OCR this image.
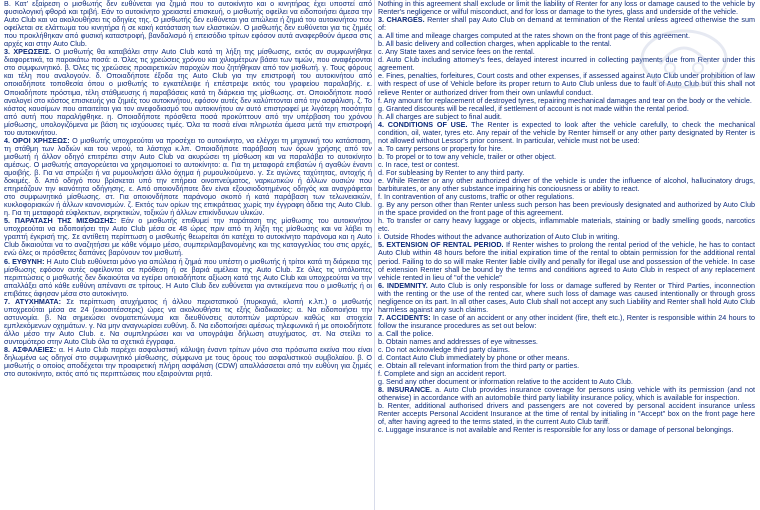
Β. Κατ' εξαίρεση ο μισθωτής δεν ευθύνεται για ζημιά που το αυτοκίνητο και ο κινητήρας έχει υποστεί από φυσιολογική φθορά και τριβή. Εάν το αυτοκίνητο χρειαστεί επισκευή, ο μισθωτής οφείλει να ειδοποιήσει άμεσα την Auto Club και να ακολουθήσει τις οδηγίες της. Ο μισθωτής δεν ευθύνεται για απώλεια ή ζημιά του αυτοκινήτου που οφείλεται σε ελάττωμα του κινητήρα ή σε κακή κατάσταση των ελαστικών. Ο μισθωτής δεν ευθύνεται για τις ζημιές που προκλήθηκαν από φυσική καταστροφή, βανδαλισμό ή επεισόδιο τρίτων εφόσον αυτά αναφερθούν άμεσα στις αρχές και στην Auto Club.

3. ΧΡΕΩΣΕΙΣ. Ο μισθωτής θα καταβάλει στην Auto Club κατά τη λήξη της μίσθωσης, εκτός αν συμφωνήθηκε διαφορετικά, τα παρακάτω ποσά: α. Όλες τις χρεώσεις χρόνου και χιλιομέτρων βάσει των τιμών, που αναφέρονται στο συμφωνητικό. β. Όλες τις χρεώσεις προαιρετικών παροχών που ζητήθηκαν από τον μισθωτή. γ. Τους φόρους και τέλη που αναλογούν. δ. Οποιαδήποτε έξοδα της Auto Club για την επιστροφή του αυτοκινήτου από οποιαδήποτε τοποθεσία όπου ο μισθωτής το εγκατέλειψε ή επέστρεψε εκτός του γραφείου παραλαβής. ε. Οποιαδήποτε πρόστιμα, τέλη στάθμευσης ή παραβάσεις κατά τη διάρκεια της μίσθωσης. στ. Οποιοδήποτε ποσό αναλογεί στο κόστος επισκευής για ζημιές του αυτοκινήτου, εφόσον αυτές δεν καλύπτονται από την ασφάλιση. ζ. Το κόστος καυσίμων που απαιτείται για τον ανεφοδιασμό του αυτοκινήτου αν αυτό επιστραφεί με λιγότερη ποσότητα από αυτή που παραλήφθηκε. η. Οποιαδήποτε πρόσθετα ποσά προκύπτουν από την υπέρβαση του χρόνου μίσθωσης, υπολογιζόμενα με βάση τις ισχύουσες τιμές. Όλα τα ποσά είναι πληρωτέα άμεσα μετά την επιστροφή του αυτοκινήτου.

4. ΟΡΟΙ ΧΡΗΣΕΩΣ: Ο μισθωτής υποχρεούται να προσέχει το αυτοκίνητο, να ελέγχει τη μηχανική του κατάσταση, τη στάθμη των λαδιών και του νερού, τα λάστιχα κ.λπ. Οποιαδήποτε παράβαση των όρων χρήσης από τον μισθωτή ή άλλον οδηγό επιτρέπει στην Auto Club να ακυρώσει τη μίσθωση και να παραλάβει το αυτοκίνητο αμέσως. Ο μισθωτής απαγορεύεται να χρησιμοποιεί το αυτοκίνητο: α. Για τη μεταφορά επιβατών ή αγαθών έναντι αμοιβής. β. Για να σπρώξει ή να ρυμουλκήσει άλλο όχημα ή ρυμουλκούμενο. γ. Σε αγώνες ταχύτητας, αντοχής ή δοκιμές. δ. Από οδηγό που βρίσκεται υπό την επήρεια οινοπνεύματος, ναρκωτικών ή άλλων ουσιών που επηρεάζουν την ικανότητα οδήγησης. ε. Από οποιονδήποτε δεν είναι εξουσιοδοτημένος οδηγός και αναγράφεται στο συμφωνητικό μίσθωσης. στ. Για οποιονδήποτε παράνομο σκοπό ή κατά παράβαση των τελωνειακών, κυκλοφοριακών ή άλλων κανονισμών. ζ. Εκτός των ορίων της επικράτειας χωρίς την έγγραφη άδεια της Auto Club. η. Για τη μεταφορά εύφλεκτων, εκρηκτικών, τοξικών ή άλλων επικίνδυνων υλικών.

5. ΠΑΡΑΤΑΣΗ ΤΗΣ ΜΙΣΘΩΣΗΣ: Εάν ο μισθωτής επιθυμεί την παράταση της μίσθωσης του αυτοκινήτου υποχρεούται να ειδοποιήσει την Auto Club μέσα σε 48 ώρες πριν από τη λήξη της μίσθωσης και να λάβει τη γραπτή έγκρισή της. Σε αντίθετη περίπτωση ο μισθωτής θεωρείται ότι κατέχει το αυτοκίνητο παράνομα και η Auto Club δικαιούται να το αναζητήσει με κάθε νόμιμο μέσο, συμπεριλαμβανομένης και της καταγγελίας του στις αρχές, ενώ όλες οι πρόσθετες δαπάνες βαρύνουν τον μισθωτή.

6. ΕΥΘΥΝΗ: Η Auto Club ευθύνεται μόνο για απώλεια ή ζημιά που υπέστη ο μισθωτής ή τρίτοι κατά τη διάρκεια της μίσθωσης εφόσον αυτές οφείλονται σε πρόθεση ή σε βαριά αμέλεια της Auto Club. Σε όλες τις υπόλοιπες περιπτώσεις ο μισθωτής δεν δικαιούται να εγείρει οποιαδήποτε αξίωση κατά της Auto Club και υποχρεούται να την απαλλάξει από κάθε ευθύνη απέναντι σε τρίτους. Η Auto Club δεν ευθύνεται για αντικείμενα που ο μισθωτής ή οι επιβάτες άφησαν μέσα στο αυτοκίνητο.

7. ΑΤΥΧΗΜΑΤΑ: Σε περίπτωση ατυχήματος ή άλλου περιστατικού (πυρκαγιά, κλοπή κ.λπ.) ο μισθωτής υποχρεούται μέσα σε 24 (εικοσιτέσσερις) ώρες να ακολουθήσει τις εξής διαδικασίες: α. Να ειδοποιήσει την αστυνομία. β. Να σημειώσει ονοματεπώνυμα και διευθύνσεις αυτοπτών μαρτύρων καθώς και στοιχεία εμπλεκόμενων οχημάτων. γ. Να μην αναγνωρίσει ευθύνη. δ. Να ειδοποιήσει αμέσως τηλεφωνικά ή με οποιοδήποτε άλλο μέσο την Auto Club. ε. Να συμπληρώσει και να υπογράψει δήλωση ατυχήματος. στ. Να στείλει το συντομότερο στην Auto Club όλα τα σχετικά έγγραφα.

8. ΑΣΦΑΛΕΙΕΣ: α. Η Auto Club παρέχει ασφαλιστική κάλυψη έναντι τρίτων μόνο στα πρόσωπα εκείνα που είναι δηλωμένα ως οδηγοί στο συμφωνητικό μίσθωσης, σύμφωνα με τους όρους του ασφαλιστικού συμβολαίου. β. Ο μισθωτής ο οποίος αποδέχεται την προαιρετική πλήρη ασφάλιση (CDW) απαλλάσσεται από την ευθύνη για ζημιές στο αυτοκίνητο, εκτός από τις περιπτώσεις που εξαιρούνται ρητά.

Nothing in this agreement shall exclude or limit the liability of Renter for any loss or damage caused to the vehicle by Renter's negligence or wilful misconduct, and for loss or damage to the tyres, glass and underside of the vehicle.

3. CHARGES. Renter shall pay Auto Club on demand at termination of the Rental unless agreed otherwise the sum of:

a. All time and mileage charges computed at the rates shown on the front page of this agreement.

b. All basic delivery and collection charges, when applicable to the rental.

c. Any State taxes and service fees on the rental.

d. Auto Club including attorney's fees, delayed interest incurred in collecting payments due from Renter under this agreement.

e. Fines, penalties, forfeitures, Court costs and other expenses, if assessed against Auto Club under prohibition of law with respect of use of Vehicle before its proper return to Auto Club unless due to fault of Auto Club but this shall not relieve Renter or authorized driver from their own unlawful conduct.

f. Any amount for replacement of destroyed tyres, repairing mechanical damages and tear on the body or the vehicle.

g. Granted discounts will be recalled, if settlement of account is not made within the rental period.

h. All charges are subject to final audit.

4. CONDITIONS OF USE. The Renter is expected to look after the vehicle carefully, to check the mechanical condition, oil, water, tyres etc. Any repair of the vehicle by Renter himself or any other party designated by Renter is not allowed without Lessor's prior consent. In particular, vehicle must not be used:

a. To carry persons or property for hire.

b. To propel or to tow any vehicle, trailer or other object.

c. In race, test or contest.

d. For subleasing by Renter to any third party.

e. While Renter or any other authorized driver of the vehicle is under the influence of alcohol, hallucinatory drugs, barbiturates, or any other substance impairing his conciousness or ability to react.

f. In contravention of any customs, traffic or other regulations.

g. By any person other than Renter unless such person has been previously designated and authorized by Auto Club in the space provided on the front page of this agreement.

h. To transfer or carry heavy luggage or objects, inflammable materials, staining or badly smelling goods, narcotics etc.

i. Outside Rhodes without the advance authorization of Auto Club in writing.

5. EXTENSION OF RENTAL PERIOD. If Renter wishes to prolong the rental period of the vehicle, he has to contact Auto Club within 48 hours before the initial expiration time of the rental to obtain permission for the additional rental period. Failing to do so will make Renter liable civilly and penally for illegal use and possession of the vehicle. In case of extension Renter shall be bound by the terms and conditions agreed to Auto Club in respect of any replacement vehicle rented in lieu of "of the vehicle"

6. INDEMNITY. Auto Club is only responsible for loss or damage suffered by Renter or Third Parties, inconnection with the renting or the use of the rented car, where such loss of damage was caused intentionally or through gross negligence on its part. In all other cases, Auto Club shall not accept any such Liability and Renter shall hold Auto Club harmless against any such claims.

7. ACCIDENTS: In case of an accident or any other incident (fire, theft etc.), Renter is responsible within 24 hours to follow the insurance procedures as set out below:

a. Call the police.

b. Obtain names and addresses of eye witnesses.

c. Do not acknowledge third party claims.

d. Contact Auto Club immediately by phone or other means.

e. Obtain all relevant information from the third party or parties.

f. Complete and sign an accident report.

g. Send any other document or information relative to the accident to Auto Club.

8. INSURANCE. a. Auto Club provides insurance coverage for persons using vehicle with its permission (and not otherwise) in accordance with an automobile third party liability insurance policy, which is available for inspection.

b. Renter, additional authorised drivers and passengers are not covered by personal accident insurance unless Renter accepts Personal Accident Insurance at the time of rental by initialing in "Accept" box on the front page here of, after having agreed to the terms stated, in the current Auto Club tariff.

c. Luggage insurance is not available and Renter is responsible for any loss or damage of personal belongings.
